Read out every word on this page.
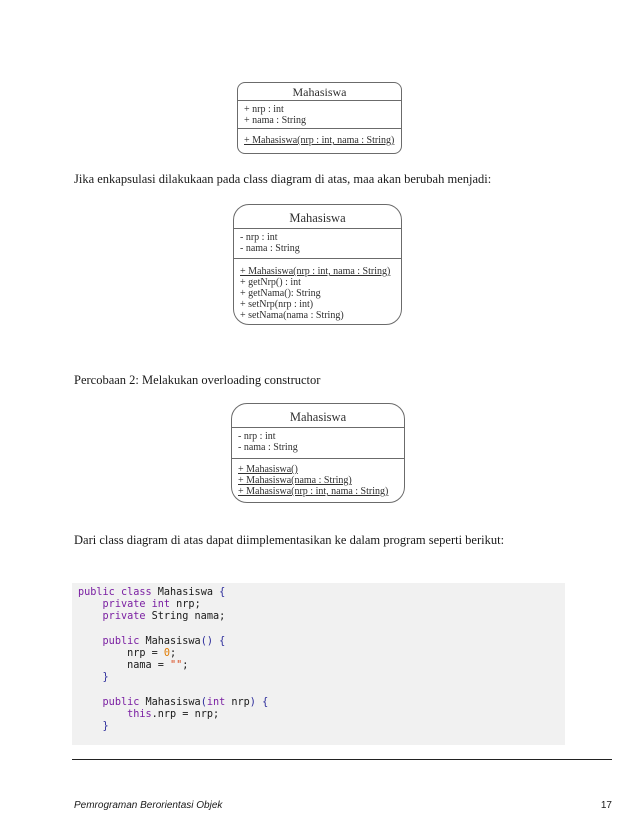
Mahasiswa
+ nrp : int
+ nama : String
+ Mahasiswa(nrp : int, nama : String)
Jika enkapsulasi dilakukaan pada class diagram di atas, maa akan berubah menjadi:
Mahasiswa
- nrp : int
- nama : String
+ Mahasiswa(nrp : int, nama : String)
+ getNrp() : int
+ getNama(): String
+ setNrp(nrp : int)
+ setNama(nama : String)
Percobaan 2: Melakukan overloading constructor
Mahasiswa
- nrp : int
- nama : String
+ Mahasiswa()
+ Mahasiswa(nama : String)
+ Mahasiswa(nrp : int, nama : String)
Dari class diagram di atas dapat diimplementasikan ke dalam program seperti berikut:
public class Mahasiswa {
private int nrp;
private String nama;
public Mahasiswa() {
nrp = 0;
nama = "";
}
public Mahasiswa(int nrp) {
this.nrp = nrp;
}
Pemrograman Berorientasi Objek	17
